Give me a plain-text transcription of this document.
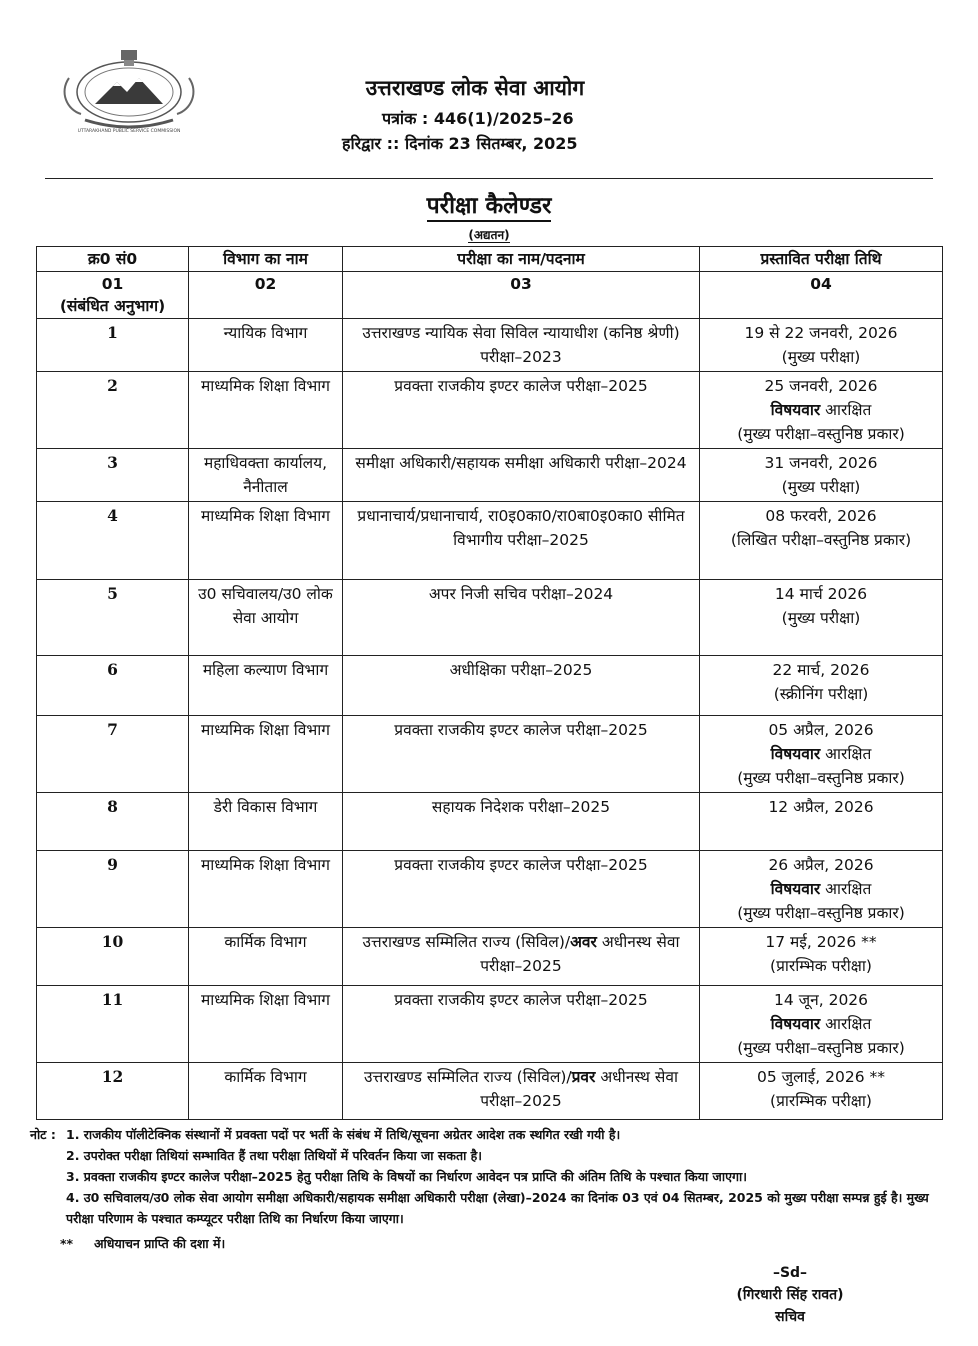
UTTARAKHAND PUBLIC SERVICE COMMISSION
उत्तराखण्ड लोक सेवा आयोग
पत्रांक : 446(1)/2025–26
हरिद्वार :: दिनांक 23 सितम्बर, 2025
परीक्षा कैलेण्डर
(अद्यतन)
क्र0 सं0	विभाग का नाम	परीक्षा का नाम/पदनाम	प्रस्तावित परीक्षा तिथि

01
(संबंधित अनुभाग)	02	03	04
1	न्यायिक विभाग	उत्तराखण्ड न्यायिक सेवा सिविल न्यायाधीश (कनिष्ठ श्रेणी) परीक्षा–2023	19 से 22 जनवरी, 2026
(मुख्य परीक्षा)

2	माध्यमिक शिक्षा विभाग	प्रवक्ता राजकीय इण्टर कालेज परीक्षा–2025	25 जनवरी, 2026
विषयवार आरक्षित
(मुख्य परीक्षा–वस्तुनिष्ठ प्रकार)

3	महाधिवक्ता कार्यालय, नैनीताल	समीक्षा अधिकारी/सहायक समीक्षा अधिकारी परीक्षा–2024	31 जनवरी, 2026
(मुख्य परीक्षा)

4	माध्यमिक शिक्षा विभाग	प्रधानाचार्य/प्रधानाचार्य, रा0इ0का0/रा0बा0इ0का0 सीमित विभागीय परीक्षा–2025	08 फरवरी, 2026
(लिखित परीक्षा–वस्तुनिष्ठ प्रकार)

5	उ0 सचिवालय/उ0 लोक सेवा आयोग	अपर निजी सचिव परीक्षा–2024	14 मार्च 2026
(मुख्य परीक्षा)

6	महिला कल्याण विभाग	अधीक्षिका परीक्षा–2025	22 मार्च, 2026
(स्क्रीनिंग परीक्षा)

7	माध्यमिक शिक्षा विभाग	प्रवक्ता राजकीय इण्टर कालेज परीक्षा–2025	05 अप्रैल, 2026
विषयवार आरक्षित
(मुख्य परीक्षा–वस्तुनिष्ठ प्रकार)

8	डेरी विकास विभाग	सहायक निदेशक परीक्षा–2025	12 अप्रैल, 2026

9	माध्यमिक शिक्षा विभाग	प्रवक्ता राजकीय इण्टर कालेज परीक्षा–2025	26 अप्रैल, 2026
विषयवार आरक्षित
(मुख्य परीक्षा–वस्तुनिष्ठ प्रकार)

10	कार्मिक विभाग	उत्तराखण्ड सम्मिलित राज्य (सिविल)/अवर अधीनस्थ सेवा परीक्षा–2025	17 मई, 2026 **
(प्रारम्भिक परीक्षा)

11	माध्यमिक शिक्षा विभाग	प्रवक्ता राजकीय इण्टर कालेज परीक्षा–2025	14 जून, 2026
विषयवार आरक्षित
(मुख्य परीक्षा–वस्तुनिष्ठ प्रकार)

12	कार्मिक विभाग	उत्तराखण्ड सम्मिलित राज्य (सिविल)/प्रवर अधीनस्थ सेवा परीक्षा–2025	05 जुलाई, 2026 **
(प्रारम्भिक परीक्षा)
नोट : 1. राजकीय पॉलीटेक्निक संस्थानों में प्रवक्ता पदों पर भर्ती के संबंध में तिथि/सूचना अग्रेतर आदेश तक स्थगित रखी गयी है।
2. उपरोक्त परीक्षा तिथियां सम्भावित हैं तथा परीक्षा तिथियों में परिवर्तन किया जा सकता है।
3. प्रवक्ता राजकीय इण्टर कालेज परीक्षा–2025 हेतु परीक्षा तिथि के विषयों का निर्धारण आवेदन पत्र प्राप्ति की अंतिम तिथि के पश्चात किया जाएगा।
4. उ0 सचिवालय/उ0 लोक सेवा आयोग समीक्षा अधिकारी/सहायक समीक्षा अधिकारी परीक्षा (लेखा)–2024 का दिनांक 03 एवं 04 सितम्बर, 2025 को मुख्य परीक्षा सम्पन्न हुई है। मुख्य परीक्षा परिणाम के पश्चात कम्प्यूटर परीक्षा तिथि का निर्धारण किया जाएगा।
**	अधियाचन प्राप्ति की दशा में।
–Sd–
(गिरधारी सिंह रावत)
सचिव
